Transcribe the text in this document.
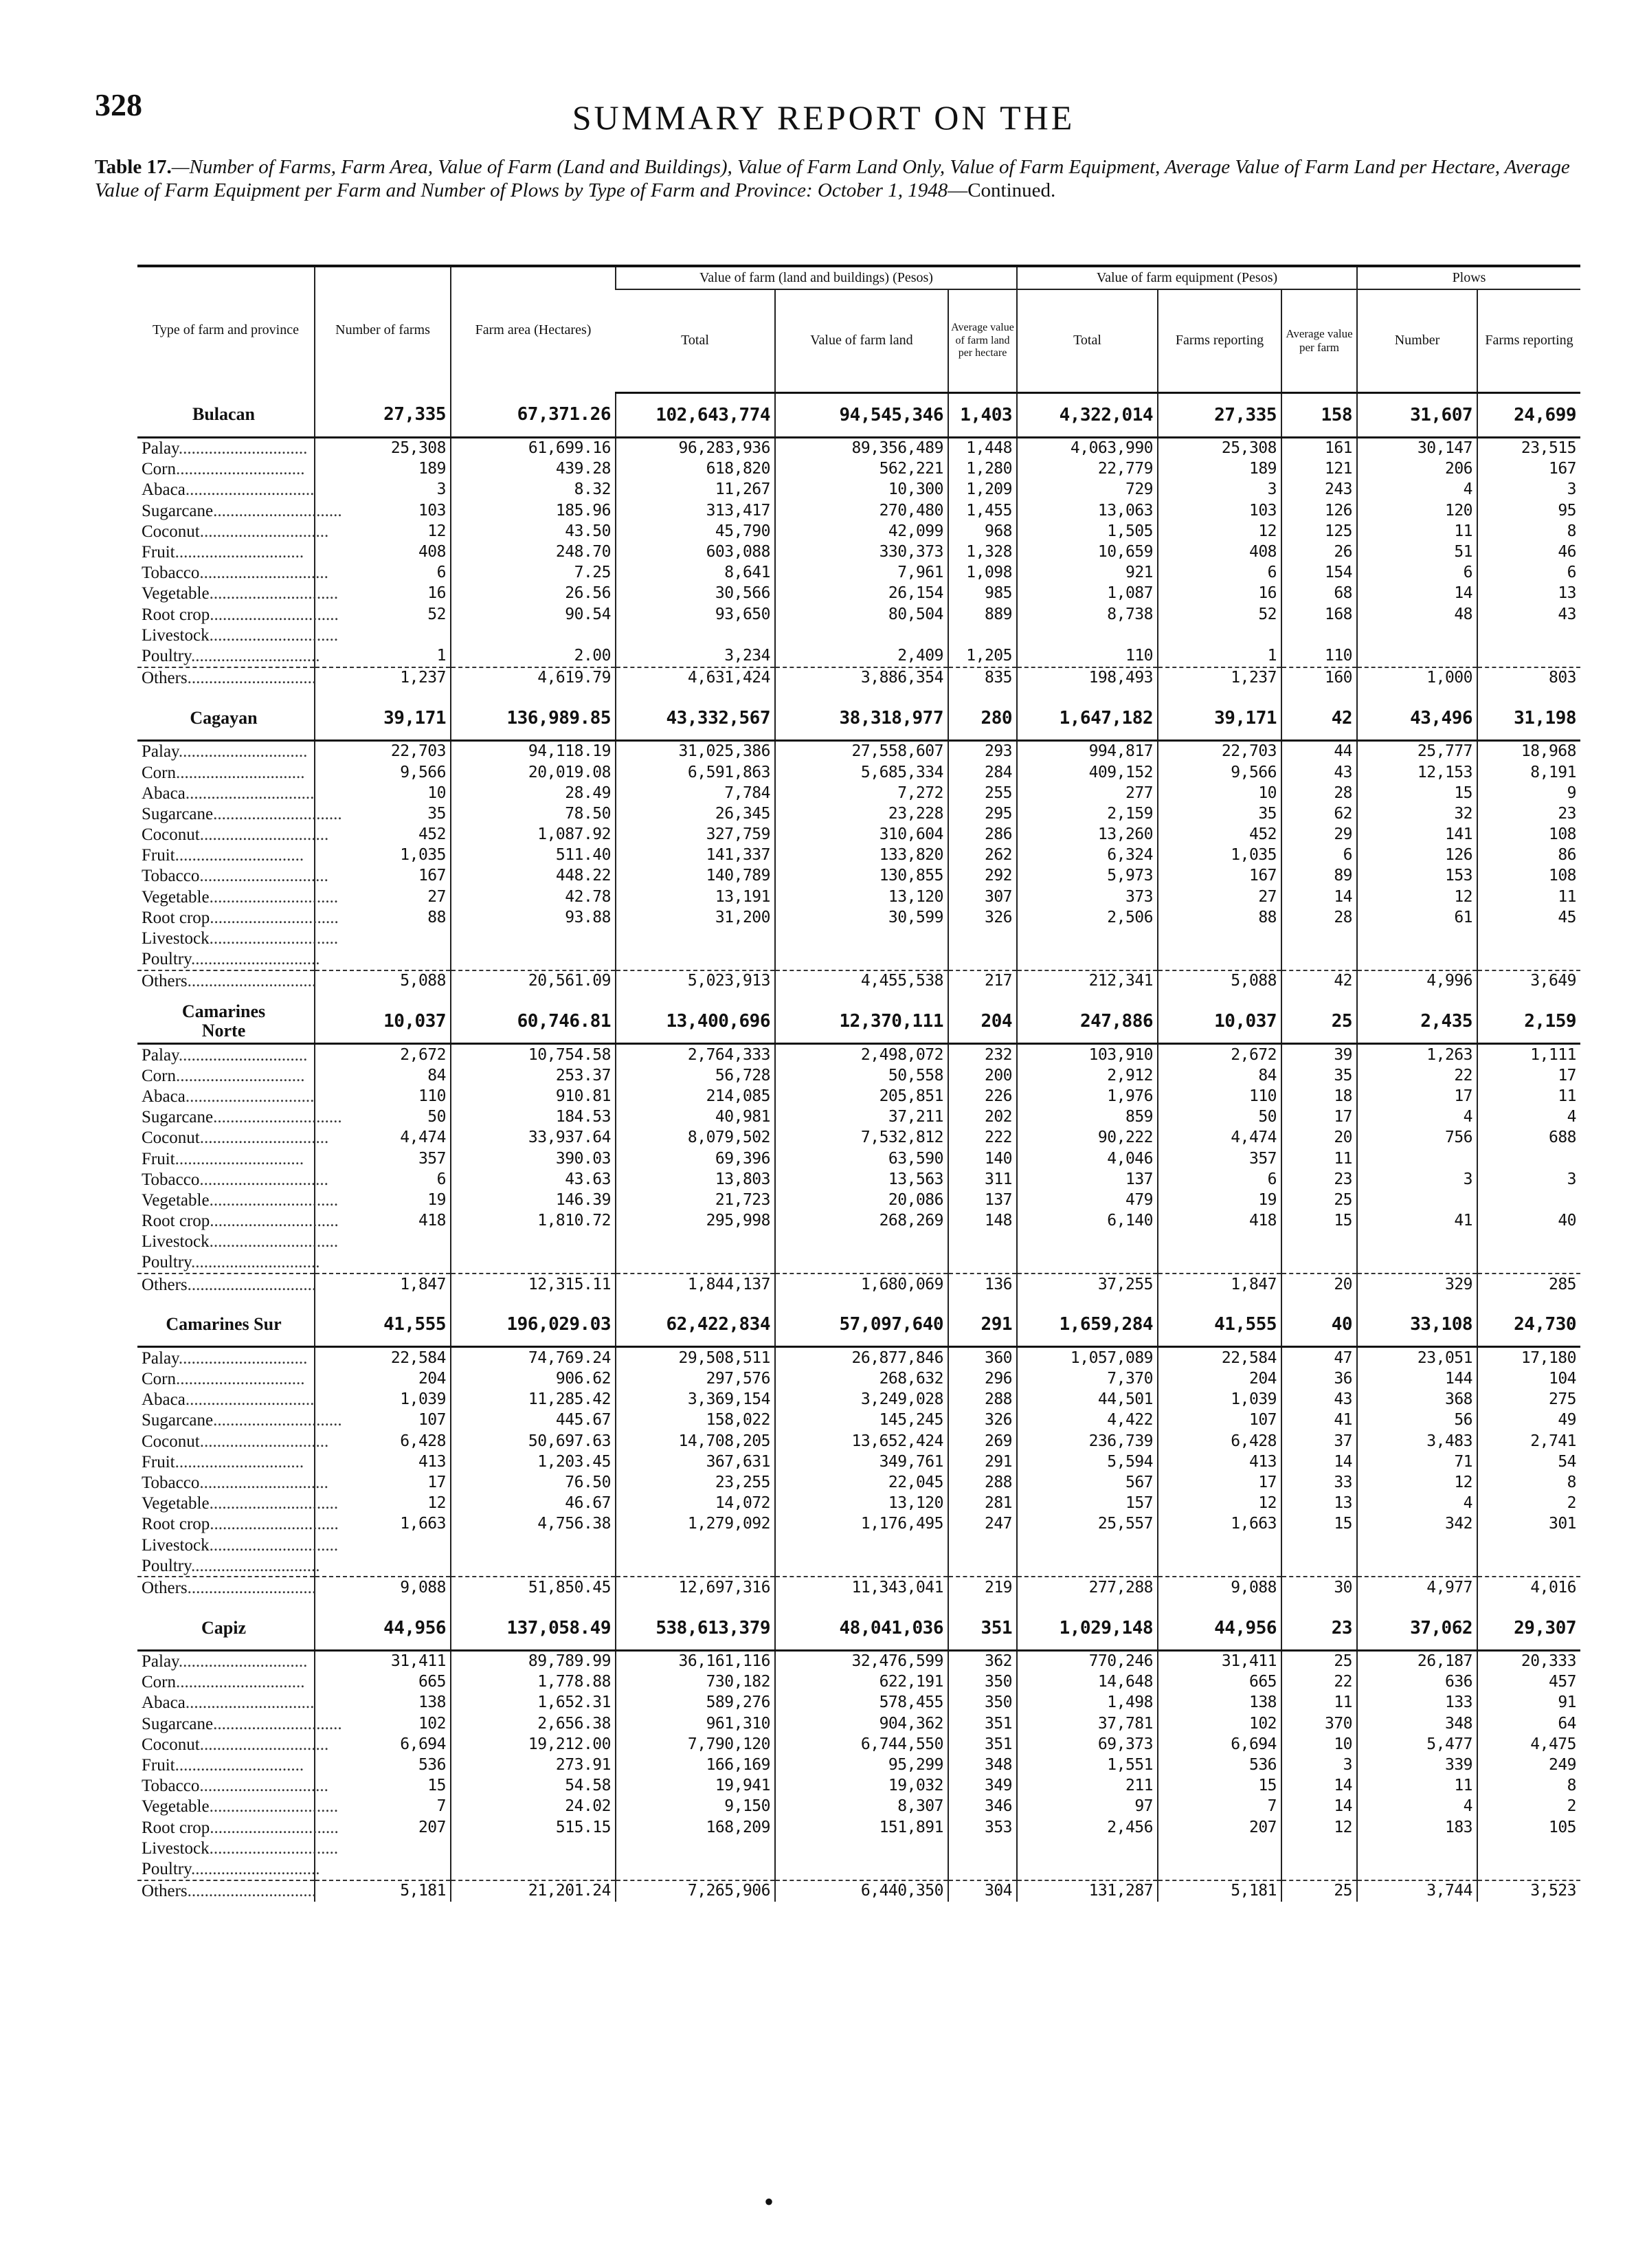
328	SUMMARY REPORT ON THE
Table 17.—Number of Farms, Farm Area, Value of Farm (Land and Buildings), Value of Farm Land Only, Value of Farm Equipment, Average Value of Farm Land per Hectare, Average Value of Farm Equipment per Farm and Number of Plows by Type of Farm and Province: October 1, 1948—Continued.
Type of farm and province	Number of farms	Farm area (Hectares)	Value of farm (land and buildings) (Pesos)			Value of farm equipment (Pesos)			Plows	
			Total	Value of farm land	Average value of farm land per hectare	Total	Farms reporting	Average value per farm	Number	Farms reporting
Bulacan	27,335	67,371.26	102,643,774	94,545,346	1,403	4,322,014	27,335	158	31,607	24,699
Palay..............................	25,308	61,699.16	96,283,936	89,356,489	1,448	4,063,990	25,308	161	30,147	23,515
Corn..............................	189	439.28	618,820	562,221	1,280	22,779	189	121	206	167
Abaca..............................	3	8.32	11,267	10,300	1,209	729	3	243	4	3
Sugarcane..............................	103	185.96	313,417	270,480	1,455	13,063	103	126	120	95
Coconut..............................	12	43.50	45,790	42,099	968	1,505	12	125	11	8
Fruit..............................	408	248.70	603,088	330,373	1,328	10,659	408	26	51	46
Tobacco..............................	6	7.25	8,641	7,961	1,098	921	6	154	6	6
Vegetable..............................	16	26.56	30,566	26,154	985	1,087	16	68	14	13
Root crop..............................	52	90.54	93,650	80,504	889	8,738	52	168	48	43
Livestock..............................										
Poultry..............................	1	2.00	3,234	2,409	1,205	110	1	110		
Others..............................	1,237	4,619.79	4,631,424	3,886,354	835	198,493	1,237	160	1,000	803

Cagayan	39,171	136,989.85	43,332,567	38,318,977	280	1,647,182	39,171	42	43,496	31,198
Palay..............................	22,703	94,118.19	31,025,386	27,558,607	293	994,817	22,703	44	25,777	18,968
Corn..............................	9,566	20,019.08	6,591,863	5,685,334	284	409,152	9,566	43	12,153	8,191
Abaca..............................	10	28.49	7,784	7,272	255	277	10	28	15	9
Sugarcane..............................	35	78.50	26,345	23,228	295	2,159	35	62	32	23
Coconut..............................	452	1,087.92	327,759	310,604	286	13,260	452	29	141	108
Fruit..............................	1,035	511.40	141,337	133,820	262	6,324	1,035	6	126	86
Tobacco..............................	167	448.22	140,789	130,855	292	5,973	167	89	153	108
Vegetable..............................	27	42.78	13,191	13,120	307	373	27	14	12	11
Root crop..............................	88	93.88	31,200	30,599	326	2,506	88	28	61	45
Livestock..............................										
Poultry..............................										
Others..............................	5,088	20,561.09	5,023,913	4,455,538	217	212,341	5,088	42	4,996	3,649

Camarines
Norte	10,037	60,746.81	13,400,696	12,370,111	204	247,886	10,037	25	2,435	2,159
Palay..............................	2,672	10,754.58	2,764,333	2,498,072	232	103,910	2,672	39	1,263	1,111
Corn..............................	84	253.37	56,728	50,558	200	2,912	84	35	22	17
Abaca..............................	110	910.81	214,085	205,851	226	1,976	110	18	17	11
Sugarcane..............................	50	184.53	40,981	37,211	202	859	50	17	4	4
Coconut..............................	4,474	33,937.64	8,079,502	7,532,812	222	90,222	4,474	20	756	688
Fruit..............................	357	390.03	69,396	63,590	140	4,046	357	11		
Tobacco..............................	6	43.63	13,803	13,563	311	137	6	23	3	3
Vegetable..............................	19	146.39	21,723	20,086	137	479	19	25		
Root crop..............................	418	1,810.72	295,998	268,269	148	6,140	418	15	41	40
Livestock..............................										
Poultry..............................										
Others..............................	1,847	12,315.11	1,844,137	1,680,069	136	37,255	1,847	20	329	285

Camarines Sur	41,555	196,029.03	62,422,834	57,097,640	291	1,659,284	41,555	40	33,108	24,730
Palay..............................	22,584	74,769.24	29,508,511	26,877,846	360	1,057,089	22,584	47	23,051	17,180
Corn..............................	204	906.62	297,576	268,632	296	7,370	204	36	144	104
Abaca..............................	1,039	11,285.42	3,369,154	3,249,028	288	44,501	1,039	43	368	275
Sugarcane..............................	107	445.67	158,022	145,245	326	4,422	107	41	56	49
Coconut..............................	6,428	50,697.63	14,708,205	13,652,424	269	236,739	6,428	37	3,483	2,741
Fruit..............................	413	1,203.45	367,631	349,761	291	5,594	413	14	71	54
Tobacco..............................	17	76.50	23,255	22,045	288	567	17	33	12	8
Vegetable..............................	12	46.67	14,072	13,120	281	157	12	13	4	2
Root crop..............................	1,663	4,756.38	1,279,092	1,176,495	247	25,557	1,663	15	342	301
Livestock..............................										
Poultry..............................										
Others..............................	9,088	51,850.45	12,697,316	11,343,041	219	277,288	9,088	30	4,977	4,016

Capiz	44,956	137,058.49	538,613,379	48,041,036	351	1,029,148	44,956	23	37,062	29,307
Palay..............................	31,411	89,789.99	36,161,116	32,476,599	362	770,246	31,411	25	26,187	20,333
Corn..............................	665	1,778.88	730,182	622,191	350	14,648	665	22	636	457
Abaca..............................	138	1,652.31	589,276	578,455	350	1,498	138	11	133	91
Sugarcane..............................	102	2,656.38	961,310	904,362	351	37,781	102	370	348	64
Coconut..............................	6,694	19,212.00	7,790,120	6,744,550	351	69,373	6,694	10	5,477	4,475
Fruit..............................	536	273.91	166,169	95,299	348	1,551	536	3	339	249
Tobacco..............................	15	54.58	19,941	19,032	349	211	15	14	11	8
Vegetable..............................	7	24.02	9,150	8,307	346	97	7	14	4	2
Root crop..............................	207	515.15	168,209	151,891	353	2,456	207	12	183	105
Livestock..............................										
Poultry..............................										
Others..............................	5,181	21,201.24	7,265,906	6,440,350	304	131,287	5,181	25	3,744	3,523
•
